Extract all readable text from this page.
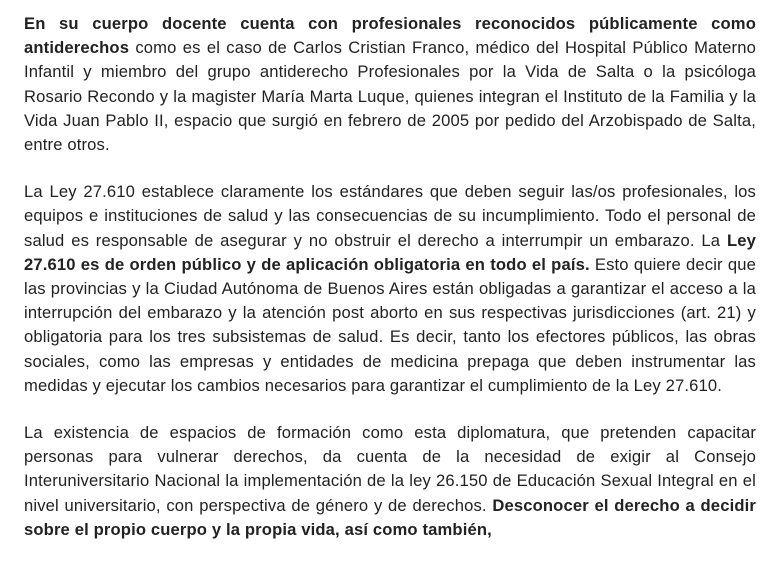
En su cuerpo docente cuenta con profesionales reconocidos públicamente como antiderechos como es el caso de Carlos Cristian Franco, médico del Hospital Público Materno Infantil y miembro del grupo antiderecho Profesionales por la Vida de Salta o la psicóloga Rosario Recondo y la magister María Marta Luque, quienes integran el Instituto de la Familia y la Vida Juan Pablo II, espacio que surgió en febrero de 2005 por pedido del Arzobispado de Salta, entre otros.

La Ley 27.610 establece claramente los estándares que deben seguir las/os profesionales, los equipos e instituciones de salud y las consecuencias de su incumplimiento. Todo el personal de salud es responsable de asegurar y no obstruir el derecho a interrumpir un embarazo. La Ley 27.610 es de orden público y de aplicación obligatoria en todo el país. Esto quiere decir que las provincias y la Ciudad Autónoma de Buenos Aires están obligadas a garantizar el acceso a la interrupción del embarazo y la atención post aborto en sus respectivas jurisdicciones (art. 21) y obligatoria para los tres subsistemas de salud. Es decir, tanto los efectores públicos, las obras sociales, como las empresas y entidades de medicina prepaga que deben instrumentar las medidas y ejecutar los cambios necesarios para garantizar el cumplimiento de la Ley 27.610.

La existencia de espacios de formación como esta diplomatura, que pretenden capacitar personas para vulnerar derechos, da cuenta de la necesidad de exigir al Consejo Interuniversitario Nacional la implementación de la ley 26.150 de Educación Sexual Integral en el nivel universitario, con perspectiva de género y de derechos. Desconocer el derecho a decidir sobre el propio cuerpo y la propia vida, así como también,
